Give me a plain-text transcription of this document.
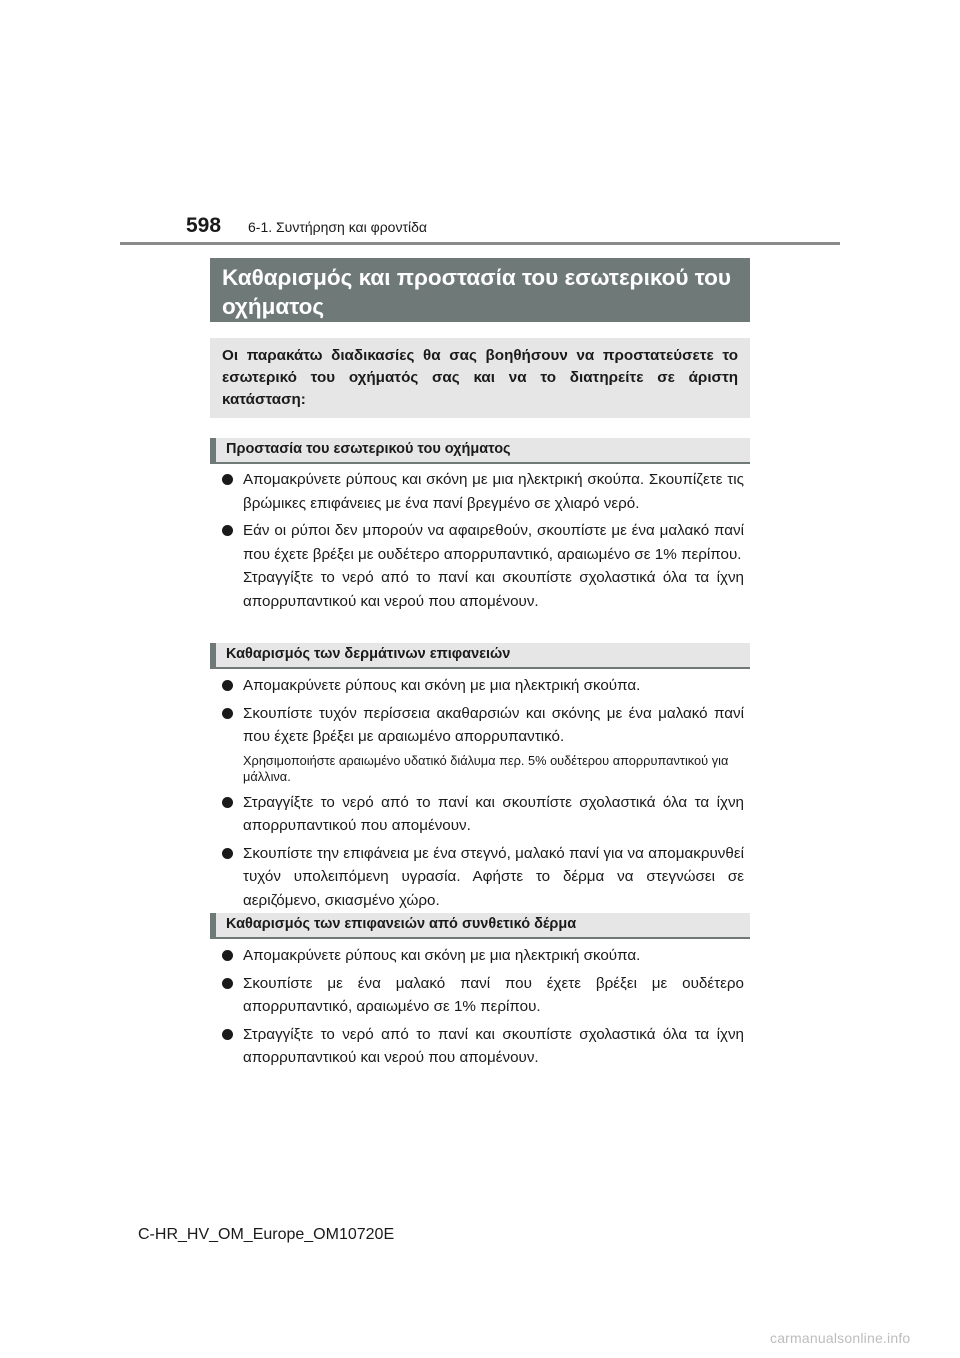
598 6-1. Συντήρηση και φροντίδα
Καθαρισμός και προστασία του εσωτερικού του οχήματος
Οι παρακάτω διαδικασίες θα σας βοηθήσουν να προστατεύσετε το εσωτερικό του οχήματός σας και να το διατηρείτε σε άριστη κατάσταση:
Προστασία του εσωτερικού του οχήματος
Απομακρύνετε ρύπους και σκόνη με μια ηλεκτρική σκούπα. Σκουπίζετε τις βρώμικες επιφάνειες με ένα πανί βρεγμένο σε χλιαρό νερό.
Εάν οι ρύποι δεν μπορούν να αφαιρεθούν, σκουπίστε με ένα μαλακό πανί που έχετε βρέξει με ουδέτερο απορρυπαντικό, αραιωμένο σε 1% περίπου.
Στραγγίξτε το νερό από το πανί και σκουπίστε σχολαστικά όλα τα ίχνη απορρυπαντικού και νερού που απομένουν.
Καθαρισμός των δερμάτινων επιφανειών
Απομακρύνετε ρύπους και σκόνη με μια ηλεκτρική σκούπα.
Σκουπίστε τυχόν περίσσεια ακαθαρσιών και σκόνης με ένα μαλακό πανί που έχετε βρέξει με αραιωμένο απορρυπαντικό.
Χρησιμοποιήστε αραιωμένο υδατικό διάλυμα περ. 5% ουδέτερου απορρυπαντικού για μάλλινα.
Στραγγίξτε το νερό από το πανί και σκουπίστε σχολαστικά όλα τα ίχνη απορρυπαντικού που απομένουν.
Σκουπίστε την επιφάνεια με ένα στεγνό, μαλακό πανί για να απομακρυνθεί τυχόν υπολειπόμενη υγρασία. Αφήστε το δέρμα να στεγνώσει σε αεριζόμενο, σκιασμένο χώρο.
Καθαρισμός των επιφανειών από συνθετικό δέρμα
Απομακρύνετε ρύπους και σκόνη με μια ηλεκτρική σκούπα.
Σκουπίστε με ένα μαλακό πανί που έχετε βρέξει με ουδέτερο απορρυπαντικό, αραιωμένο σε 1% περίπου.
Στραγγίξτε το νερό από το πανί και σκουπίστε σχολαστικά όλα τα ίχνη απορρυπαντικού και νερού που απομένουν.
C-HR_HV_OM_Europe_OM10720E
carmanualsonline.info
